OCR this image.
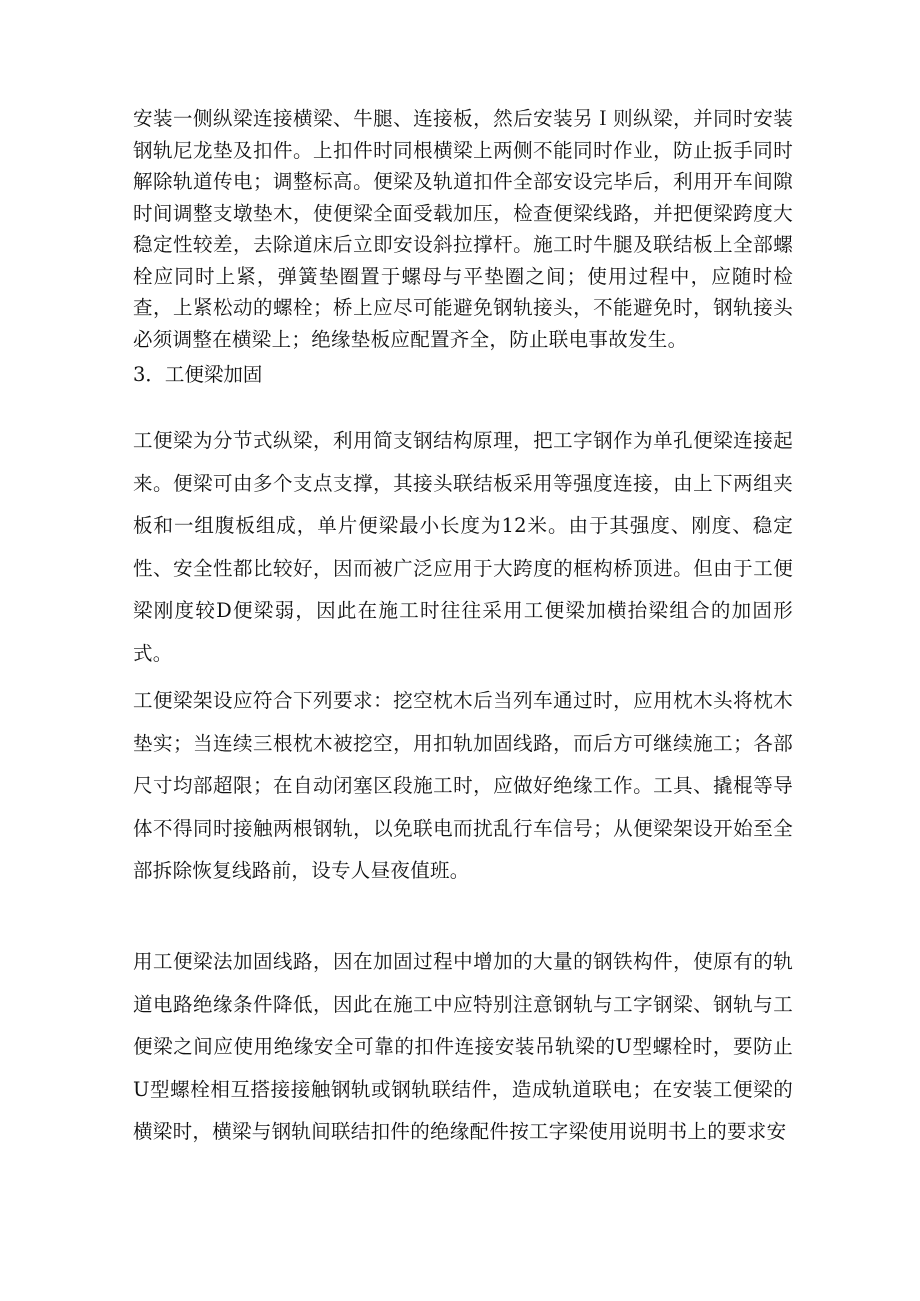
安装一侧纵梁连接横梁、牛腿、连接板，然后安装另Ｉ则纵梁，并同时安装钢轨尼龙垫及扣件。上扣件时同根横梁上两侧不能同时作业，防止扳手同时解除轨道传电；调整标高。便梁及轨道扣件全部安设完毕后，利用开车间隙时间调整支墩垫木，使便梁全面受载加压，检查便梁线路，并把便梁跨度大稳定性较差，去除道床后立即安设斜拉撑杆。施工时牛腿及联结板上全部螺栓应同时上紧，弹簧垫圈置于螺母与平垫圈之间；使用过程中，应随时检查，上紧松动的螺栓；桥上应尽可能避免钢轨接头，不能避免时，钢轨接头必须调整在横梁上；绝缘垫板应配置齐全，防止联电事故发生。

3．工便梁加固

工便梁为分节式纵梁，利用简支钢结构原理，把工字钢作为单孔便梁连接起来。便梁可由多个支点支撑，其接头联结板采用等强度连接，由上下两组夹板和一组腹板组成，单片便梁最小长度为12米。由于其强度、刚度、稳定性、安全性都比较好，因而被广泛应用于大跨度的框构桥顶进。但由于工便梁刚度较D便梁弱，因此在施工时往往采用工便梁加横抬梁组合的加固形式。

工便梁架设应符合下列要求：挖空枕木后当列车通过时，应用枕木头将枕木垫实；当连续三根枕木被挖空，用扣轨加固线路，而后方可继续施工；各部尺寸均部超限；在自动闭塞区段施工时，应做好绝缘工作。工具、撬棍等导体不得同时接触两根钢轨，以免联电而扰乱行车信号；从便梁架设开始至全部拆除恢复线路前，设专人昼夜值班。

用工便梁法加固线路，因在加固过程中增加的大量的钢铁构件，使原有的轨道电路绝缘条件降低，因此在施工中应特别注意钢轨与工字钢梁、钢轨与工便梁之间应使用绝缘安全可靠的扣件连接安装吊轨梁的U型螺栓时，要防止U型螺栓相互搭接接触钢轨或钢轨联结件，造成轨道联电；在安装工便梁的横梁时，横梁与钢轨间联结扣件的绝缘配件按工字梁使用说明书上的要求安
